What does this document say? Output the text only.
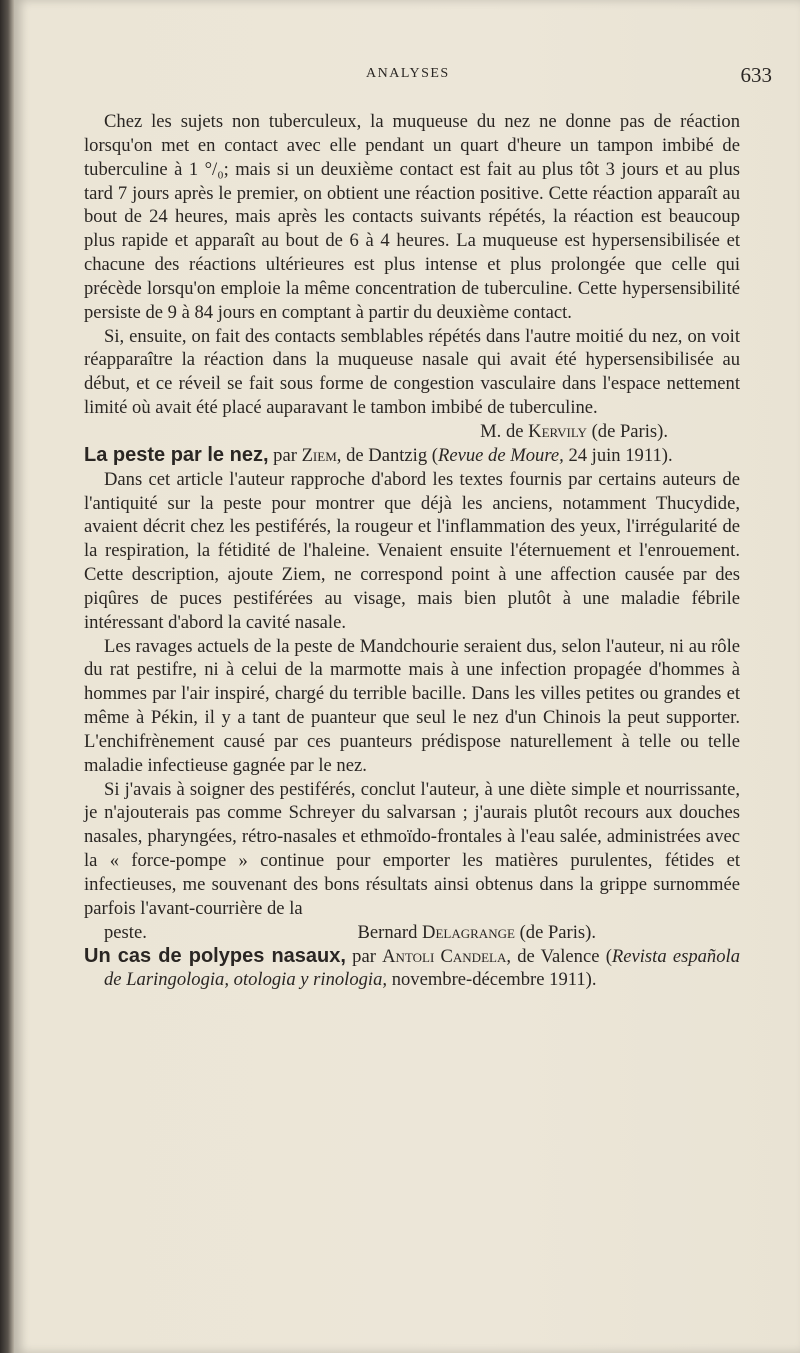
ANALYSES	633

Chez les sujets non tuberculeux, la muqueuse du nez ne donne pas de réaction lorsqu'on met en contact avec elle pendant un quart d'heure un tampon imbibé de tuberculine à 1 °/₀; mais si un deuxième contact est fait au plus tôt 3 jours et au plus tard 7 jours après le premier, on obtient une réaction positive. Cette réaction apparaît au bout de 24 heures, mais après les contacts suivants répétés, la réaction est beaucoup plus rapide et apparaît au bout de 6 à 4 heures. La muqueuse est hypersensibilisée et chacune des réactions ultérieures est plus intense et plus prolongée que celle qui précède lorsqu'on emploie la même concentration de tuberculine. Cette hypersensibilité persiste de 9 à 84 jours en comptant à partir du deuxième contact.

Si, ensuite, on fait des contacts semblables répétés dans l'autre moitié du nez, on voit réapparaître la réaction dans la muqueuse nasale qui avait été hypersensibilisée au début, et ce réveil se fait sous forme de congestion vasculaire dans l'espace nettement limité où avait été placé auparavant le tambon imbibé de tuberculine.

M. de Kervily (de Paris).

La peste par le nez, par Ziem, de Dantzig (Revue de Moure, 24 juin 1911).

Dans cet article l'auteur rapproche d'abord les textes fournis par certains auteurs de l'antiquité sur la peste pour montrer que déjà les anciens, notamment Thucydide, avaient décrit chez les pestiférés, la rougeur et l'inflammation des yeux, l'irrégularité de la respiration, la fétidité de l'haleine. Venaient ensuite l'éternuement et l'enrouement. Cette description, ajoute Ziem, ne correspond point à une affection causée par des piqûres de puces pestiférées au visage, mais bien plutôt à une maladie fébrile intéressant d'abord la cavité nasale.

Les ravages actuels de la peste de Mandchourie seraient dus, selon l'auteur, ni au rôle du rat pestifre, ni à celui de la marmotte mais à une infection propagée d'hommes à hommes par l'air inspiré, chargé du terrible bacille. Dans les villes petites ou grandes et même à Pékin, il y a tant de puanteur que seul le nez d'un Chinois la peut supporter. L'enchifrènement causé par ces puanteurs prédispose naturellement à telle ou telle maladie infectieuse gagnée par le nez.

Si j'avais à soigner des pestiférés, conclut l'auteur, à une diète simple et nourrissante, je n'ajouterais pas comme Schreyer du salvarsan ; j'aurais plutôt recours aux douches nasales, pharyngées, rétro-nasales et ethmoïdo-frontales à l'eau salée, administrées avec la « force-pompe » continue pour emporter les matières purulentes, fétides et infectieuses, me souvenant des bons résultats ainsi obtenus dans la grippe surnommée parfois l'avant-courrière de la

peste.	Bernard Delagrange (de Paris).

Un cas de polypes nasaux, par Antoli Candela, de Valence (Revista española de Laringologia, otologia y rinologia, novembre-décembre 1911).
